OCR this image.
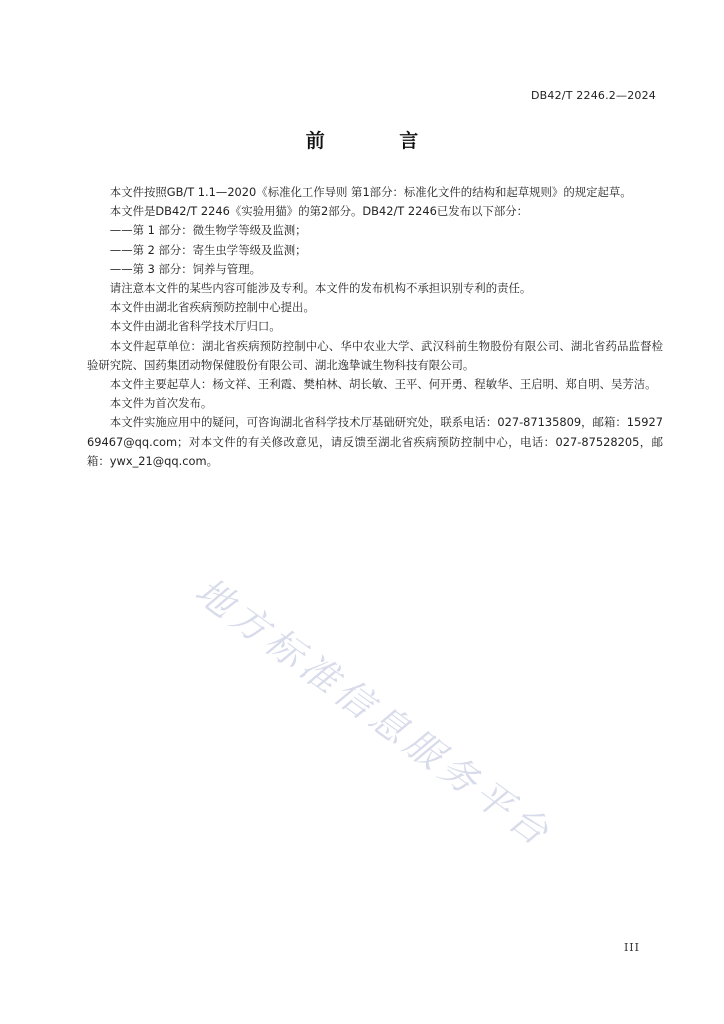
DB42/T 2246.2—2024
前 言

本文件按照GB/T 1.1—2020《标准化工作导则 第1部分：标准化文件的结构和起草规则》的规定起草。

本文件是DB42/T 2246《实验用猫》的第2部分。DB42/T 2246已发布以下部分：

——第 1 部分：微生物学等级及监测；

——第 2 部分：寄生虫学等级及监测；

——第 3 部分：饲养与管理。

请注意本文件的某些内容可能涉及专利。本文件的发布机构不承担识别专利的责任。

本文件由湖北省疾病预防控制中心提出。

本文件由湖北省科学技术厅归口。

本文件起草单位：湖北省疾病预防控制中心、华中农业大学、武汉科前生物股份有限公司、湖北省药品监督检验研究院、国药集团动物保健股份有限公司、湖北逸挚诚生物科技有限公司。

本文件主要起草人：杨文祥、王利霞、樊柏林、胡长敏、王平、何开勇、程敏华、王启明、郑自明、吴芳洁。

本文件为首次发布。

本文件实施应用中的疑问，可咨询湖北省科学技术厅基础研究处，联系电话：027-87135809，邮箱：1592769467@qq.com；对本文件的有关修改意见，请反馈至湖北省疾病预防控制中心，电话：027-87528205，邮箱：ywx_21@qq.com。

地方标准信息服务平台
III
